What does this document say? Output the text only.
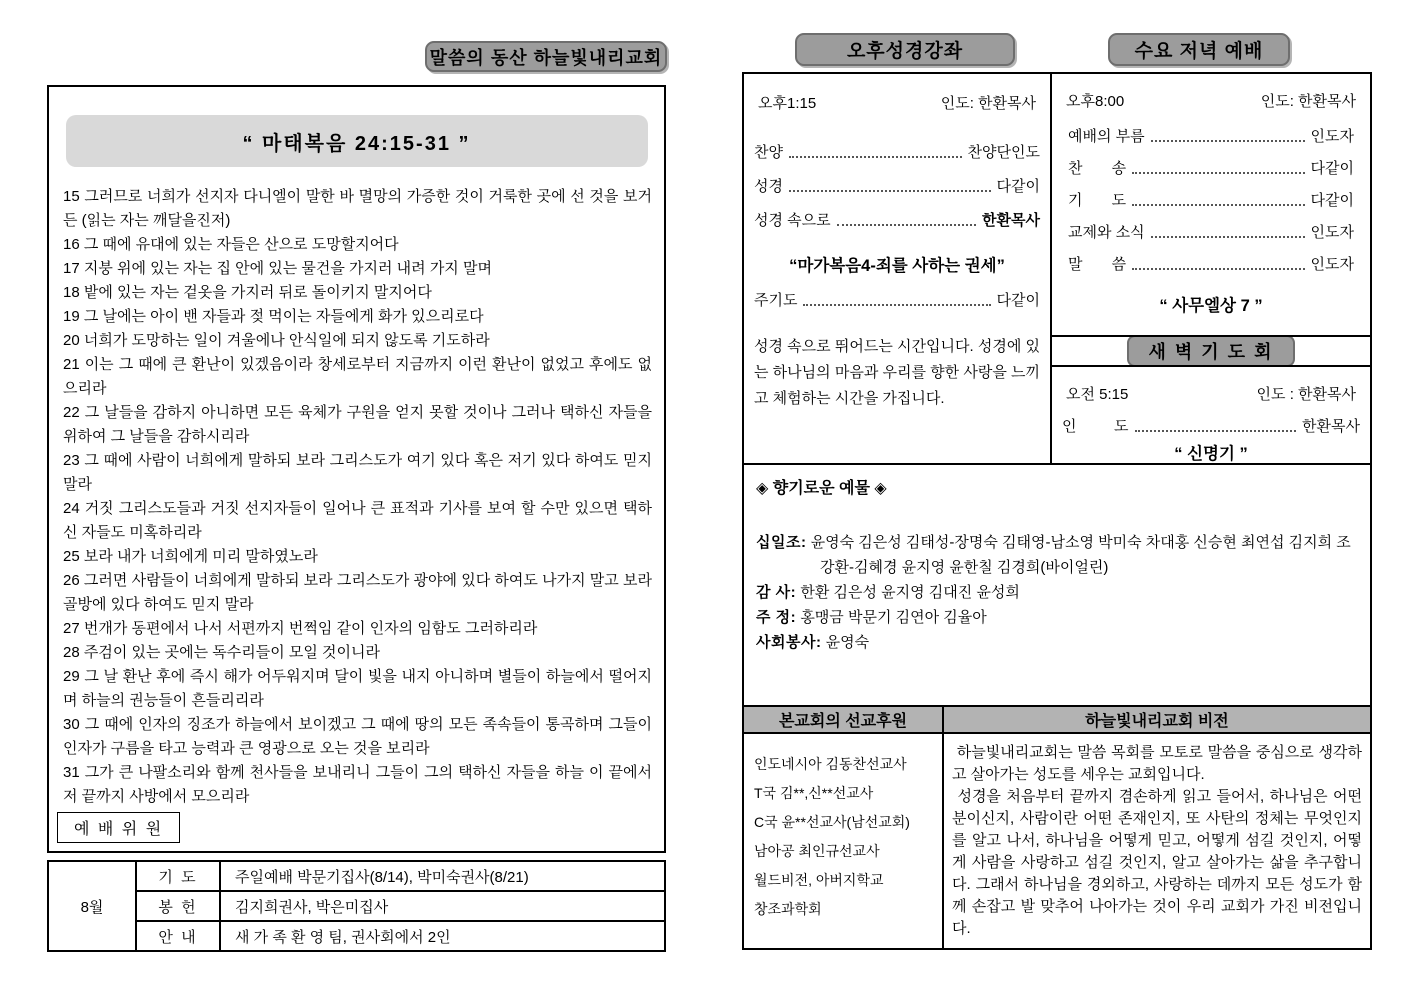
말씀의 동산 하늘빛내리교회	오후성경강좌	수요 저녁 예배
“ 마태복음 24:15-31 ”

15 그러므로 너희가 선지자 다니엘이 말한 바 멸망의 가증한 것이 거룩한 곳에 선 것을 보거든 (읽는 자는 깨달을진저)

16 그 때에 유대에 있는 자들은 산으로 도망할지어다

17 지붕 위에 있는 자는 집 안에 있는 물건을 가지러 내려 가지 말며

18 밭에 있는 자는 겉옷을 가지러 뒤로 돌이키지 말지어다

19 그 날에는 아이 밴 자들과 젖 먹이는 자들에게 화가 있으리로다

20 너희가 도망하는 일이 겨울에나 안식일에 되지 않도록 기도하라

21 이는 그 때에 큰 환난이 있겠음이라 창세로부터 지금까지 이런 환난이 없었고 후에도 없으리라

22 그 날들을 감하지 아니하면 모든 육체가 구원을 얻지 못할 것이나 그러나 택하신 자들을 위하여 그 날들을 감하시리라

23 그 때에 사람이 너희에게 말하되 보라 그리스도가 여기 있다 혹은 저기 있다 하여도 믿지 말라

24 거짓 그리스도들과 거짓 선지자들이 일어나 큰 표적과 기사를 보여 할 수만 있으면 택하신 자들도 미혹하리라

25 보라 내가 너희에게 미리 말하였노라

26 그러면 사람들이 너희에게 말하되 보라 그리스도가 광야에 있다 하여도 나가지 말고 보라 골방에 있다 하여도 믿지 말라

27 번개가 동편에서 나서 서편까지 번쩍임 같이 인자의 임함도 그러하리라

28 주검이 있는 곳에는 독수리들이 모일 것이니라

29 그 날 환난 후에 즉시 해가 어두워지며 달이 빛을 내지 아니하며 별들이 하늘에서 떨어지며 하늘의 권능들이 흔들리리라

30 그 때에 인자의 징조가 하늘에서 보이겠고 그 때에 땅의 모든 족속들이 통곡하며 그들이 인자가 구름을 타고 능력과 큰 영광으로 오는 것을 보리라

31 그가 큰 나팔소리와 함께 천사들을 보내리니 그들이 그의 택하신 자들을 하늘 이 끝에서 저 끝까지 사방에서 모으리라

예 배 위 원
8월	기 도	주일예배 박문기집사(8/14), 박미숙권사(8/21)
	봉 헌	김지희권사, 박은미집사
	안 내	새 가 족 환 영 팀, 권사회에서 2인
오후1:15	인도: 한환목사
찬양	찬양단인도
성경	다같이
성경 속으로	한환목사
“마가복음4-죄를 사하는 권세”
주기도	다같이

성경 속으로 뛰어드는 시간입니다. 성경에 있는 하나님의 마음과 우리를 향한 사랑을 느끼고 체험하는 시간을 가집니다.

오후8:00	인도: 한환목사
예배의 부름	인도자
찬       송	다같이
기       도	다같이
교제와 소식	인도자
말       씀	인도자
“ 사무엘상 7 ”
새 벽 기 도 회
오전 5:15	인도 : 한환목사
인         도	한환목사
“ 신명기 ”
◈ 향기로운 예물 ◈
십일조: 윤영숙 김은성 김태성-장명숙 김태영-남소영 박미숙 차대홍 신승현 최연섭 김지희 조강환-김혜경 윤지영 윤한칠 김경희(바이얼린)
감 사: 한환 김은성 윤지영 김대진 윤성희
주 정: 홍맹금 박문기 김연아 김율아
사회봉사: 윤영숙
본교회의 선교후원	하늘빛내리교회 비전
인도네시아 김동찬선교사
T국 김**,신**선교사
C국 윤**선교사(남선교회)
남아공 최인규선교사
월드비전, 아버지학교
창조과학회

하늘빛내리교회는 말씀 목회를 모토로 말씀을 중심으로 생각하고 살아가는 성도를 세우는 교회입니다.

성경을 처음부터 끝까지 겸손하게 읽고 들어서, 하나님은 어떤 분이신지, 사람이란 어떤 존재인지, 또 사탄의 정체는 무엇인지를 알고 나서, 하나님을 어떻게 믿고, 어떻게 섬길 것인지, 어떻게 사람을 사랑하고 섬길 것인지, 알고 살아가는 삶을 추구합니다. 그래서 하나님을 경외하고, 사랑하는 데까지 모든 성도가 함께 손잡고 발 맞추어 나아가는 것이 우리 교회가 가진 비전입니다.
